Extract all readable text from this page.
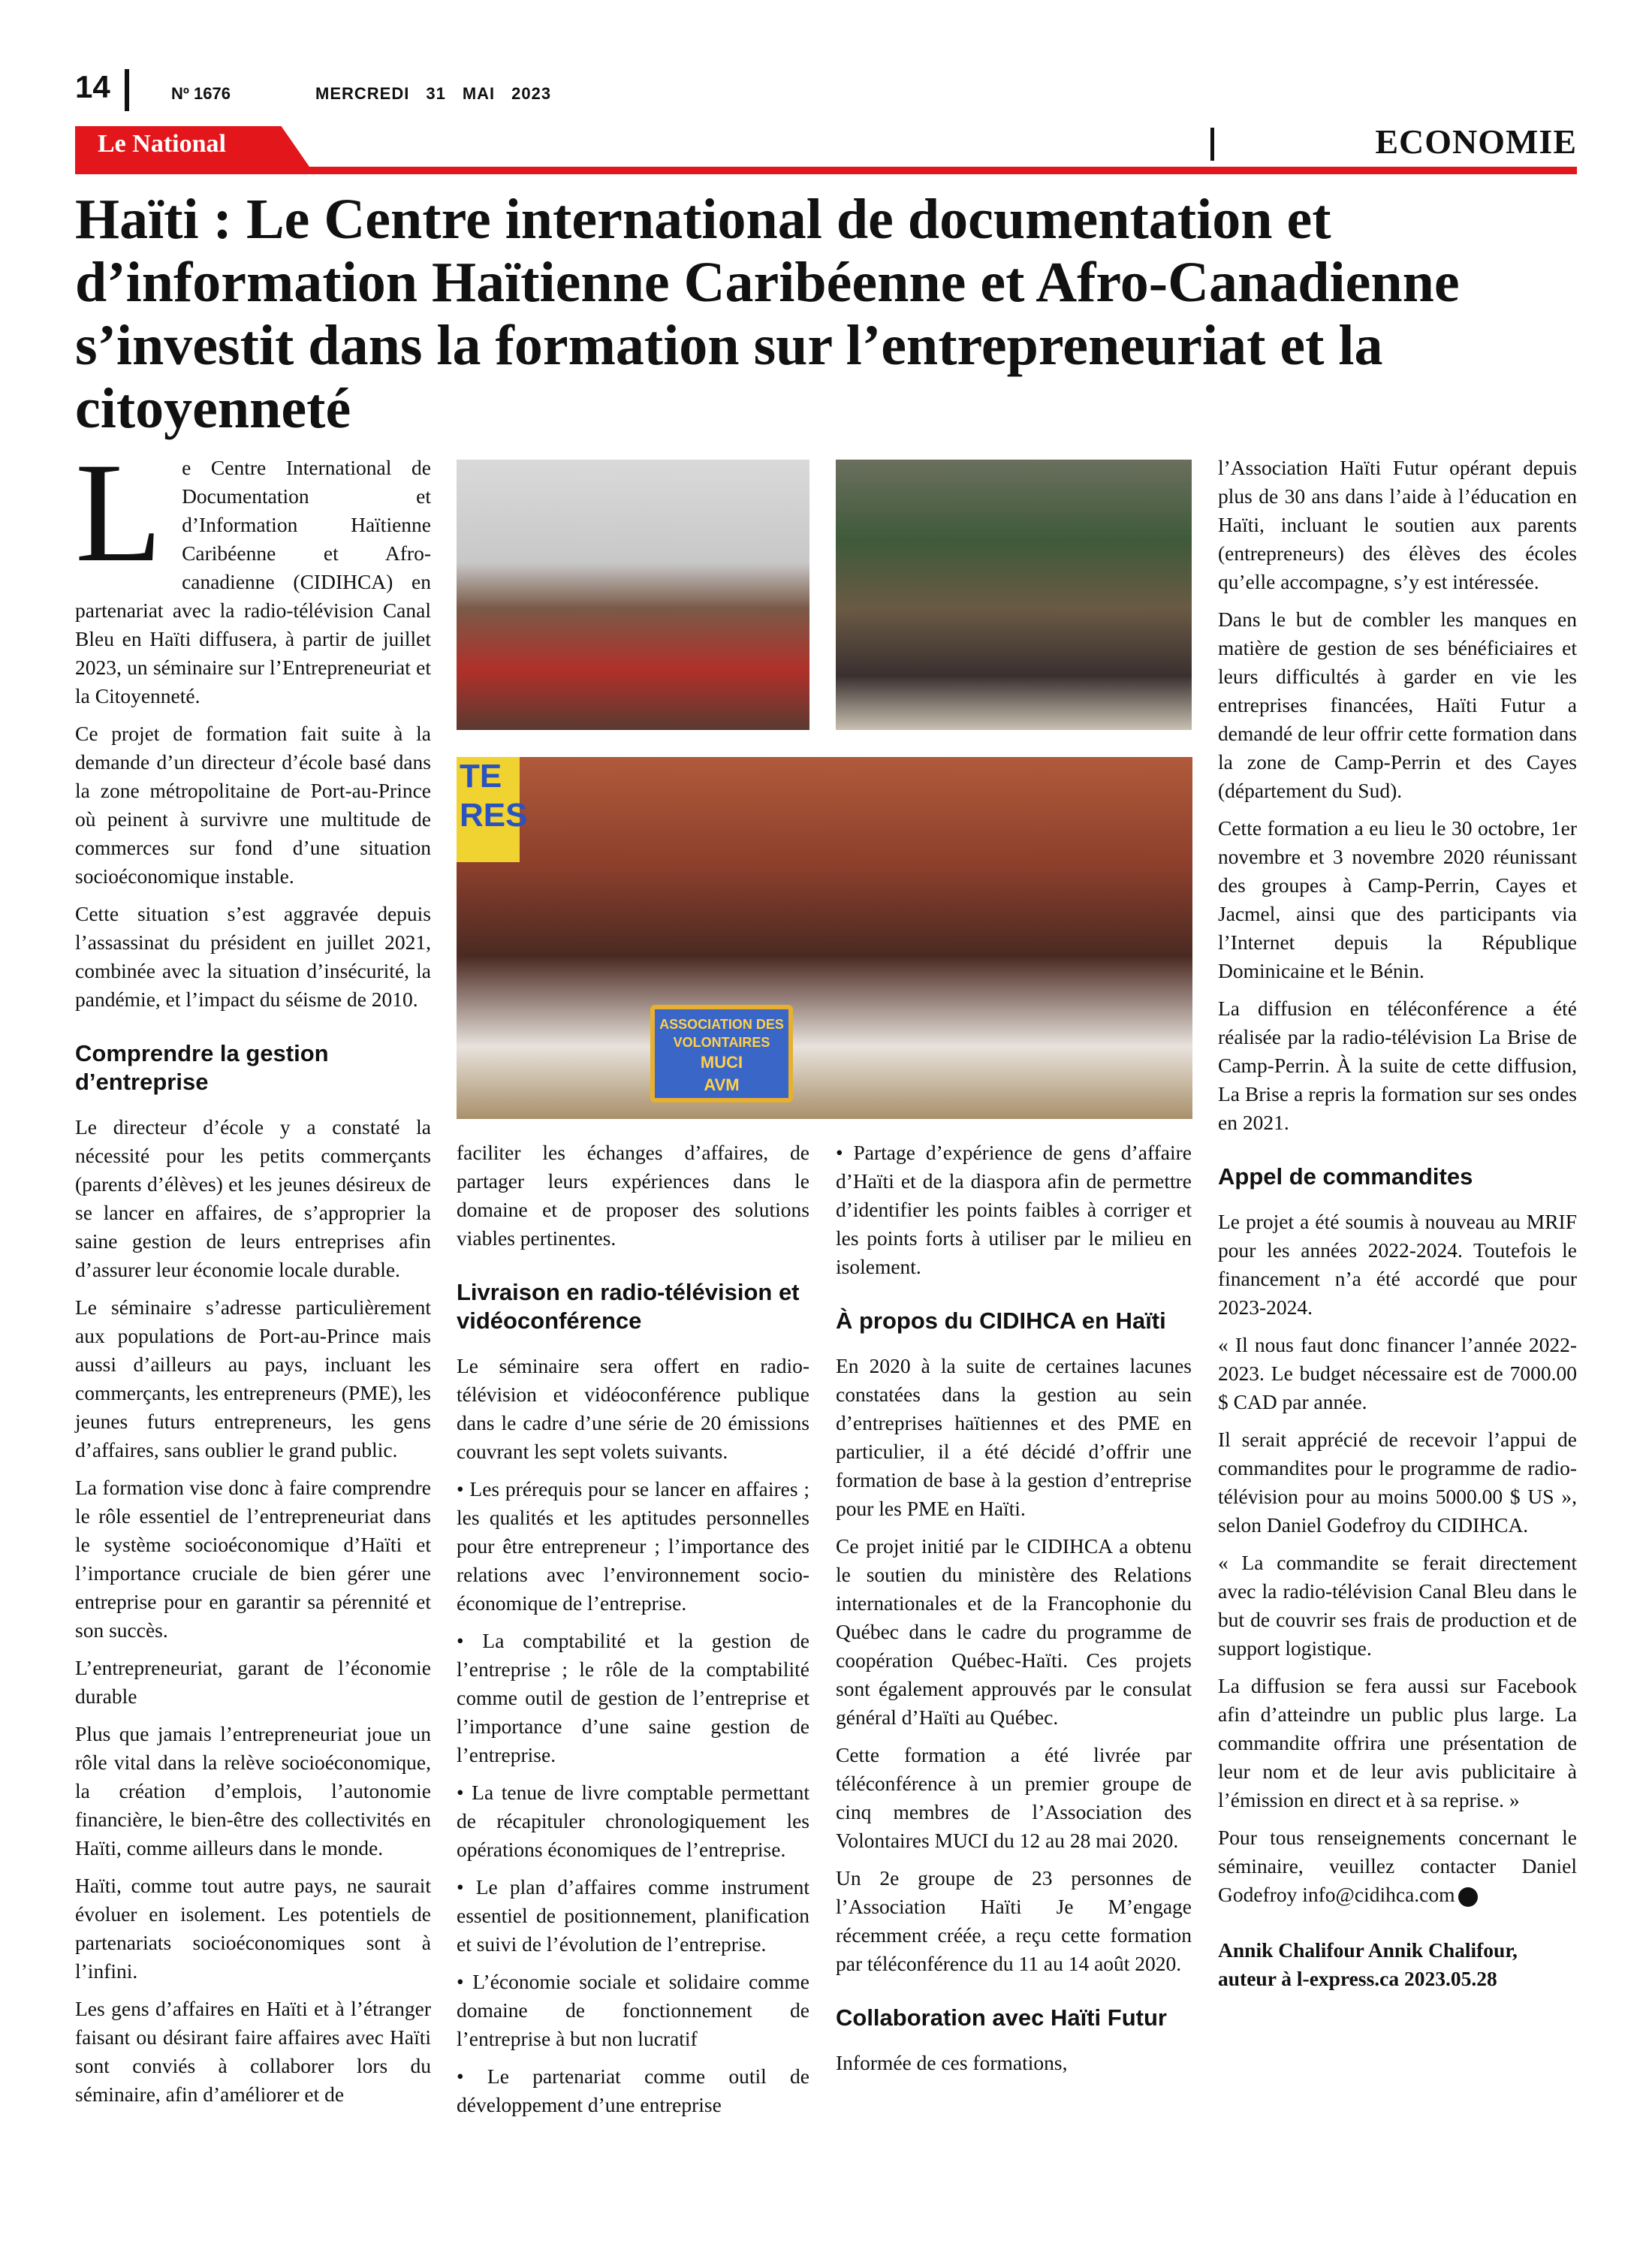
14	Nº 1676	MERCREDI 31 MAI 2023
Le National	ECONOMIE
Haïti : Le Centre international de documentation et d’information Haïtienne Caribéenne et Afro-Canadienne s’investit dans la formation sur l’entrepreneuriat et la citoyenneté

Le Centre International de Documentation et d’Information Haïtienne Caribéenne et Afro-canadienne (CIDIHCA) en partenariat avec la radio-télévision Canal Bleu en Haïti diffusera, à partir de juillet 2023, un séminaire sur l’Entrepreneuriat et la Citoyenneté.

Ce projet de formation fait suite à la demande d’un directeur d’école basé dans la zone métropolitaine de Port-au-Prince où peinent à survivre une multitude de commerces sur fond d’une situation socioéconomique instable.

Cette situation s’est aggravée depuis l’assassinat du président en juillet 2021, combinée avec la situation d’insécurité, la pandémie, et l’impact du séisme de 2010.

Comprendre la gestion d’entreprise

Le directeur d’école y a constaté la nécessité pour les petits commerçants (parents d’élèves) et les jeunes désireux de se lancer en affaires, de s’approprier la saine gestion de leurs entreprises afin d’assurer leur économie locale durable.

Le séminaire s’adresse particulièrement aux populations de Port-au-Prince mais aussi d’ailleurs au pays, incluant les commerçants, les entrepreneurs (PME), les jeunes futurs entrepreneurs, les gens d’affaires, sans oublier le grand public.

La formation vise donc à faire comprendre le rôle essentiel de l’entrepreneuriat dans le système socioéconomique d’Haïti et l’importance cruciale de bien gérer une entreprise pour en garantir sa pérennité et son succès.

L’entrepreneuriat, garant de l’économie durable

Plus que jamais l’entrepreneuriat joue un rôle vital dans la relève socioéconomique, la création d’emplois, l’autonomie financière, le bien-être des collectivités en Haïti, comme ailleurs dans le monde.

Haïti, comme tout autre pays, ne saurait évoluer en isolement. Les potentiels de partenariats socioéconomiques sont à l’infini.

Les gens d’affaires en Haïti et à l’étranger faisant ou désirant faire affaires avec Haïti sont conviés à collaborer lors du séminaire, afin d’améliorer et de

TE RES
ASSOCIATION DES
VOLONTAIRES
MUCI
AVM

faciliter les échanges d’affaires, de partager leurs expériences dans le domaine et de proposer des solutions viables pertinentes.

Livraison en radio-télévision et vidéoconférence

Le séminaire sera offert en radio-télévision et vidéoconférence publique dans le cadre d’une série de 20 émissions couvrant les sept volets suivants.

• Les prérequis pour se lancer en affaires ; les qualités et les aptitudes personnelles pour être entrepreneur ; l’importance des relations avec l’environnement socio-économique de l’entreprise.

• La comptabilité et la gestion de l’entreprise ; le rôle de la comptabilité comme outil de gestion de l’entreprise et l’importance d’une saine gestion de l’entreprise.

• La tenue de livre comptable permettant de récapituler chronologiquement les opérations économiques de l’entreprise.

• Le plan d’affaires comme instrument essentiel de positionnement, planification et suivi de l’évolution de l’entreprise.

• L’économie sociale et solidaire comme domaine de fonctionnement de l’entreprise à but non lucratif

• Le partenariat comme outil de développement d’une entreprise

• Partage d’expérience de gens d’affaire d’Haïti et de la diaspora afin de permettre d’identifier les points faibles à corriger et les points forts à utiliser par le milieu en isolement.

À propos du CIDIHCA en Haïti

En 2020 à la suite de certaines lacunes constatées dans la gestion au sein d’entreprises haïtiennes et des PME en particulier, il a été décidé d’offrir une formation de base à la gestion d’entreprise pour les PME en Haïti.

Ce projet initié par le CIDIHCA a obtenu le soutien du ministère des Relations internationales et de la Francophonie du Québec dans le cadre du programme de coopération Québec-Haïti. Ces projets sont également approuvés par le consulat général d’Haïti au Québec.

Cette formation a été livrée par téléconférence à un premier groupe de cinq membres de l’Association des Volontaires MUCI du 12 au 28 mai 2020.

Un 2e groupe de 23 personnes de l’Association Haïti Je M’engage récemment créée, a reçu cette formation par téléconférence du 11 au 14 août 2020.

Collaboration avec Haïti Futur

Informée de ces formations,

l’Association Haïti Futur opérant depuis plus de 30 ans dans l’aide à l’éducation en Haïti, incluant le soutien aux parents (entrepreneurs) des élèves des écoles qu’elle accompagne, s’y est intéressée.

Dans le but de combler les manques en matière de gestion de ses bénéficiaires et leurs difficultés à garder en vie les entreprises financées, Haïti Futur a demandé de leur offrir cette formation dans la zone de Camp-Perrin et des Cayes (département du Sud).

Cette formation a eu lieu le 30 octobre, 1er novembre et 3 novembre 2020 réunissant des groupes à Camp-Perrin, Cayes et Jacmel, ainsi que des participants via l’Internet depuis la République Dominicaine et le Bénin.

La diffusion en téléconférence a été réalisée par la radio-télévision La Brise de Camp-Perrin. À la suite de cette diffusion, La Brise a repris la formation sur ses ondes en 2021.

Appel de commandites

Le projet a été soumis à nouveau au MRIF pour les années 2022-2024. Toutefois le financement n’a été accordé que pour 2023-2024.

« Il nous faut donc financer l’année 2022-2023. Le budget nécessaire est de 7000.00 $ CAD par année.

Il serait apprécié de recevoir l’appui de commandites pour le programme de radio-télévision pour au moins 5000.00 $ US », selon Daniel Godefroy du CIDIHCA.

« La commandite se ferait directement avec la radio-télévision Canal Bleu dans le but de couvrir ses frais de production et de support logistique.

La diffusion se fera aussi sur Facebook afin d’atteindre un public plus large. La commandite offrira une présentation de leur nom et de leur avis publicitaire à l’émission en direct et à sa reprise. »

Pour tous renseignements concernant le séminaire, veuillez contacter Daniel Godefroy info@cidihca.com

Annik Chalifour Annik Chalifour, auteur à l-express.ca 2023.05.28
